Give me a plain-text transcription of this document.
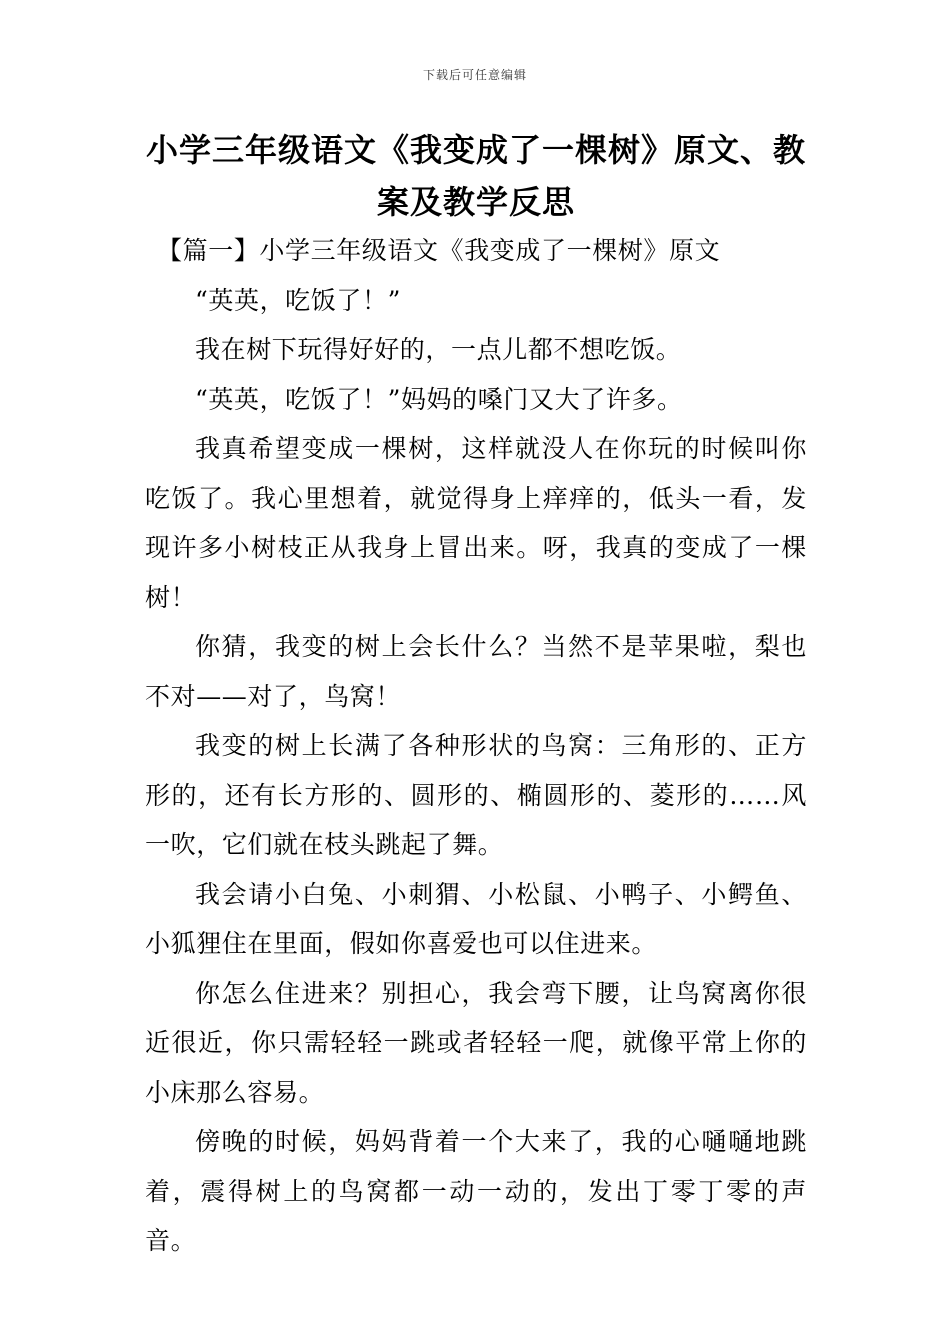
下载后可任意编辑
小学三年级语文《我变成了一棵树》原文、教案及教学反思

【篇一】小学三年级语文《我变成了一棵树》原文

“英英，吃饭了！”

我在树下玩得好好的，一点儿都不想吃饭。

“英英，吃饭了！”妈妈的嗓门又大了许多。

我真希望变成一棵树，这样就没人在你玩的时候叫你吃饭了。我心里想着，就觉得身上痒痒的，低头一看，发现许多小树枝正从我身上冒出来。呀，我真的变成了一棵树！

你猜，我变的树上会长什么？当然不是苹果啦，梨也不对——对了，鸟窝！

我变的树上长满了各种形状的鸟窝：三角形的、正方形的，还有长方形的、圆形的、椭圆形的、菱形的……风一吹，它们就在枝头跳起了舞。

我会请小白兔、小刺猬、小松鼠、小鸭子、小鳄鱼、小狐狸住在里面，假如你喜爱也可以住进来。

你怎么住进来？别担心，我会弯下腰，让鸟窝离你很近很近，你只需轻轻一跳或者轻轻一爬，就像平常上你的小床那么容易。

傍晚的时候，妈妈背着一个大来了，我的心嗵嗵地跳着，震得树上的鸟窝都一动一动的，发出丁零丁零的声音。
